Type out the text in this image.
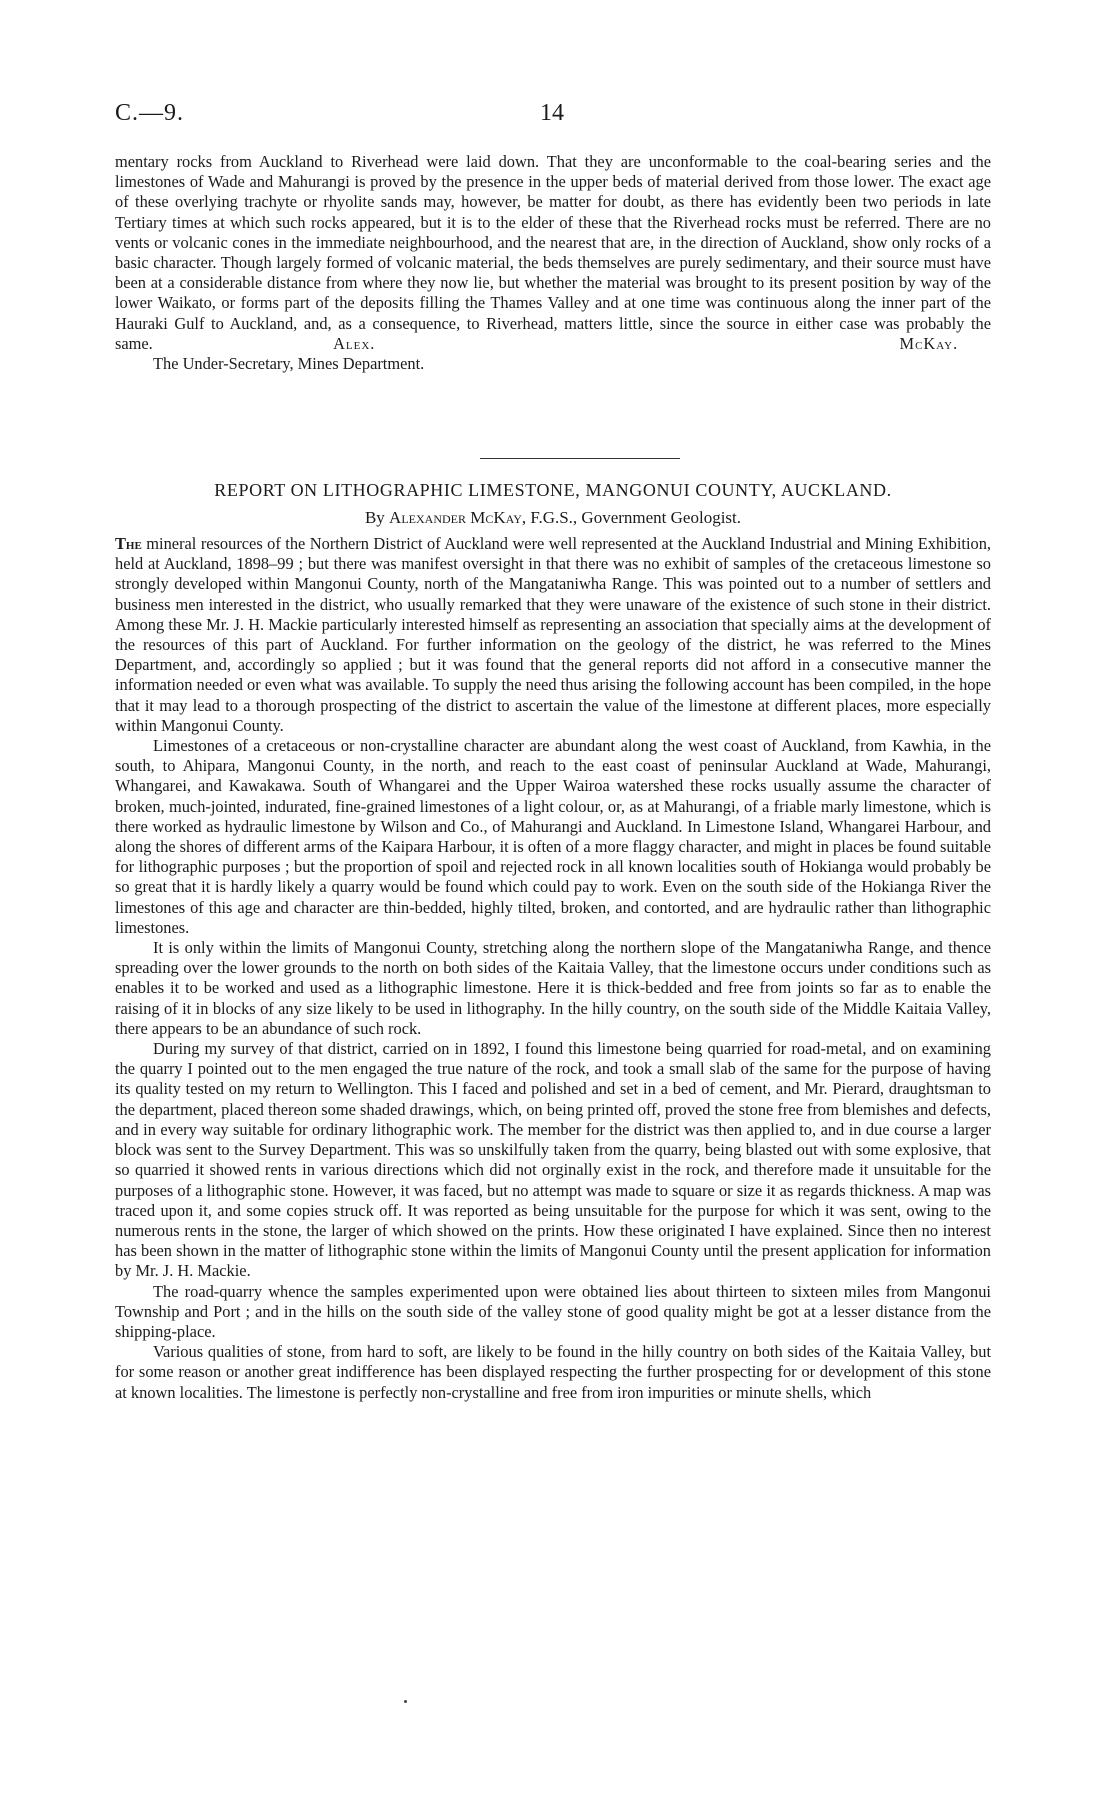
C.—9.	14

mentary rocks from Auckland to Riverhead were laid down. That they are unconformable to the coal-bearing series and the limestones of Wade and Mahurangi is proved by the presence in the upper beds of material derived from those lower. The exact age of these overlying trachyte or rhyolite sands may, however, be matter for doubt, as there has evidently been two periods in late Tertiary times at which such rocks appeared, but it is to the elder of these that the Riverhead rocks must be referred. There are no vents or volcanic cones in the immediate neighbourhood, and the nearest that are, in the direction of Auckland, show only rocks of a basic character. Though largely formed of volcanic material, the beds themselves are purely sedimentary, and their source must have been at a considerable distance from where they now lie, but whether the material was brought to its present position by way of the lower Waikato, or forms part of the deposits filling the Thames Valley and at one time was continuous along the inner part of the Hauraki Gulf to Auckland, and, as a consequence, to Riverhead, matters little, since the source in either case was probably the same.           	Alex. McKay.  

The Under-Secretary, Mines Department.

REPORT ON LITHOGRAPHIC LIMESTONE, MANGONUI COUNTY, AUCKLAND.
By Alexander McKay, F.G.S., Government Geologist.

The mineral resources of the Northern District of Auckland were well represented at the Auckland Industrial and Mining Exhibition, held at Auckland, 1898–99 ; but there was manifest oversight in that there was no exhibit of samples of the cretaceous limestone so strongly developed within Mangonui County, north of the Mangataniwha Range. This was pointed out to a number of settlers and business men interested in the district, who usually remarked that they were unaware of the existence of such stone in their district. Among these Mr. J. H. Mackie particularly interested himself as representing an association that specially aims at the development of the resources of this part of Auckland. For further information on the geology of the district, he was referred to the Mines Department, and, accordingly so applied ; but it was found that the general reports did not afford in a consecutive manner the information needed or even what was available. To supply the need thus arising the following account has been compiled, in the hope that it may lead to a thorough prospecting of the district to ascertain the value of the limestone at different places, more especially within Mangonui County.

Limestones of a cretaceous or non-crystalline character are abundant along the west coast of Auckland, from Kawhia, in the south, to Ahipara, Mangonui County, in the north, and reach to the east coast of peninsular Auckland at Wade, Mahurangi, Whangarei, and Kawakawa. South of Whangarei and the Upper Wairoa watershed these rocks usually assume the character of broken, much-jointed, indurated, fine-grained limestones of a light colour, or, as at Mahurangi, of a friable marly limestone, which is there worked as hydraulic limestone by Wilson and Co., of Mahurangi and Auckland. In Limestone Island, Whangarei Harbour, and along the shores of different arms of the Kaipara Harbour, it is often of a more flaggy character, and might in places be found suitable for lithographic purposes ; but the proportion of spoil and rejected rock in all known localities south of Hokianga would probably be so great that it is hardly likely a quarry would be found which could pay to work. Even on the south side of the Hokianga River the limestones of this age and character are thin-bedded, highly tilted, broken, and contorted, and are hydraulic rather than lithographic limestones.

It is only within the limits of Mangonui County, stretching along the northern slope of the Mangataniwha Range, and thence spreading over the lower grounds to the north on both sides of the Kaitaia Valley, that the limestone occurs under conditions such as enables it to be worked and used as a lithographic limestone. Here it is thick-bedded and free from joints so far as to enable the raising of it in blocks of any size likely to be used in lithography. In the hilly country, on the south side of the Middle Kaitaia Valley, there appears to be an abundance of such rock.

During my survey of that district, carried on in 1892, I found this limestone being quarried for road-metal, and on examining the quarry I pointed out to the men engaged the true nature of the rock, and took a small slab of the same for the purpose of having its quality tested on my return to Wellington. This I faced and polished and set in a bed of cement, and Mr. Pierard, draughtsman to the department, placed thereon some shaded drawings, which, on being printed off, proved the stone free from blemishes and defects, and in every way suitable for ordinary lithographic work. The member for the district was then applied to, and in due course a larger block was sent to the Survey Department. This was so unskilfully taken from the quarry, being blasted out with some explosive, that so quarried it showed rents in various directions which did not orginally exist in the rock, and therefore made it unsuitable for the purposes of a lithographic stone. However, it was faced, but no attempt was made to square or size it as regards thickness. A map was traced upon it, and some copies struck off. It was reported as being unsuitable for the purpose for which it was sent, owing to the numerous rents in the stone, the larger of which showed on the prints. How these originated I have explained. Since then no interest has been shown in the matter of lithographic stone within the limits of Mangonui County until the present application for information by Mr. J. H. Mackie.

The road-quarry whence the samples experimented upon were obtained lies about thirteen to sixteen miles from Mangonui Township and Port ; and in the hills on the south side of the valley stone of good quality might be got at a lesser distance from the shipping-place.

Various qualities of stone, from hard to soft, are likely to be found in the hilly country on both sides of the Kaitaia Valley, but for some reason or another great indifference has been displayed respecting the further prospecting for or development of this stone at known localities. The limestone is perfectly non-crystalline and free from iron impurities or minute shells, which
